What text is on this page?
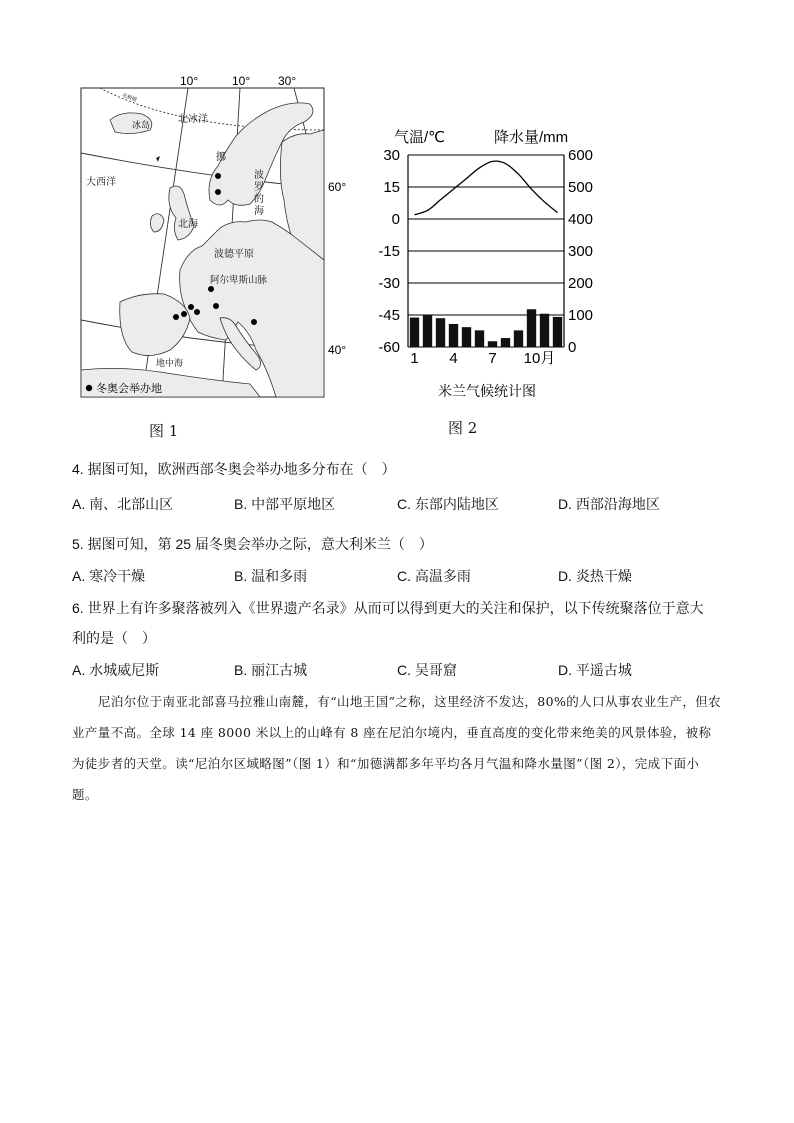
10°	10° 30°
冰岛	北冰洋
大西洋
北海
波德平原
阿尔卑斯山脉
地中海
挪
波
罗
的
海
北极圈
60°
40°
冬奥会举办地
图 1
气温/℃	降水量/mm
30
15
0
-15
-30
-45
-60
600
500
400
300
200
100
0
1 4 7 10月
米兰气候统计图
图 2
4. 据图可知，欧洲西部冬奥会举办地多分布在（　）
A. 南、北部山区	B. 中部平原地区	C. 东部内陆地区	D. 西部沿海地区
5. 据图可知，第 25 届冬奥会举办之际，意大利米兰（　）
A. 寒冷干燥	B. 温和多雨	C. 高温多雨	D. 炎热干燥
6. 世界上有许多聚落被列入《世界遗产名录》从而可以得到更大的关注和保护，以下传统聚落位于意大
利的是（　）
A. 水城威尼斯	B. 丽江古城	C. 吴哥窟	D. 平遥古城
尼泊尔位于南亚北部喜马拉雅山南麓，有“山地王国”之称，这里经济不发达，80%的人口从事农业生产，但农业产量不高。全球 14 座 8000 米以上的山峰有 8 座在尼泊尔境内，垂直高度的变化带来绝美的风景体验，被称为徒步者的天堂。读“尼泊尔区域略图”（图 1）和“加德满都多年平均各月气温和降水量图”（图 2），完成下面小题。
